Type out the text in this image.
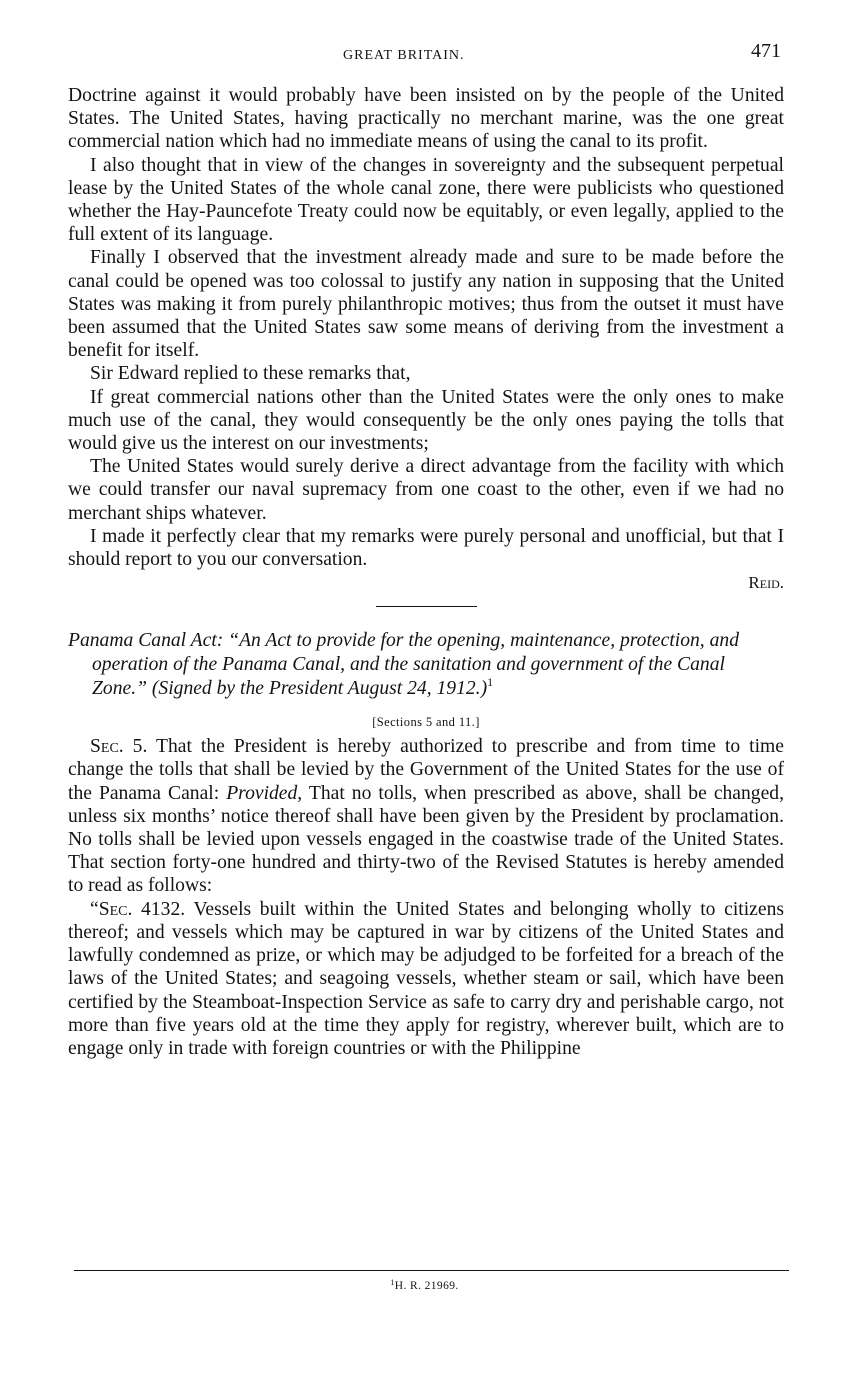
GREAT BRITAIN.	471

Doctrine against it would probably have been insisted on by the people of the United States. The United States, having practically no merchant marine, was the one great commercial nation which had no immediate means of using the canal to its profit.

I also thought that in view of the changes in sovereignty and the subsequent perpetual lease by the United States of the whole canal zone, there were publicists who questioned whether the Hay-Pauncefote Treaty could now be equitably, or even legally, applied to the full extent of its language.

Finally I observed that the investment already made and sure to be made before the canal could be opened was too colossal to justify any nation in supposing that the United States was making it from purely philanthropic motives; thus from the outset it must have been assumed that the United States saw some means of deriving from the investment a benefit for itself.

Sir Edward replied to these remarks that,

If great commercial nations other than the United States were the only ones to make much use of the canal, they would consequently be the only ones paying the tolls that would give us the interest on our investments;

The United States would surely derive a direct advantage from the facility with which we could transfer our naval supremacy from one coast to the other, even if we had no merchant ships whatever.

I made it perfectly clear that my remarks were purely personal and unofficial, but that I should report to you our conversation.

Reid.

Panama Canal Act: “An Act to provide for the opening, maintenance, protection, and operation of the Panama Canal, and the sanitation and government of the Canal Zone.” (Signed by the President August 24, 1912.)$^1$

[Sections 5 and 11.]

Sec. 5. That the President is hereby authorized to prescribe and from time to time change the tolls that shall be levied by the Government of the United States for the use of the Panama Canal: Provided, That no tolls, when prescribed as above, shall be changed, unless six months’ notice thereof shall have been given by the President by proclamation. No tolls shall be levied upon vessels engaged in the coastwise trade of the United States. That section forty-one hundred and thirty-two of the Revised Statutes is hereby amended to read as follows:

“Sec. 4132. Vessels built within the United States and belonging wholly to citizens thereof; and vessels which may be captured in war by citizens of the United States and lawfully condemned as prize, or which may be adjudged to be forfeited for a breach of the laws of the United States; and seagoing vessels, whether steam or sail, which have been certified by the Steamboat-Inspection Service as safe to carry dry and perishable cargo, not more than five years old at the time they apply for registry, wherever built, which are to engage only in trade with foreign countries or with the Philippine

$^1$H. R. 21969.
